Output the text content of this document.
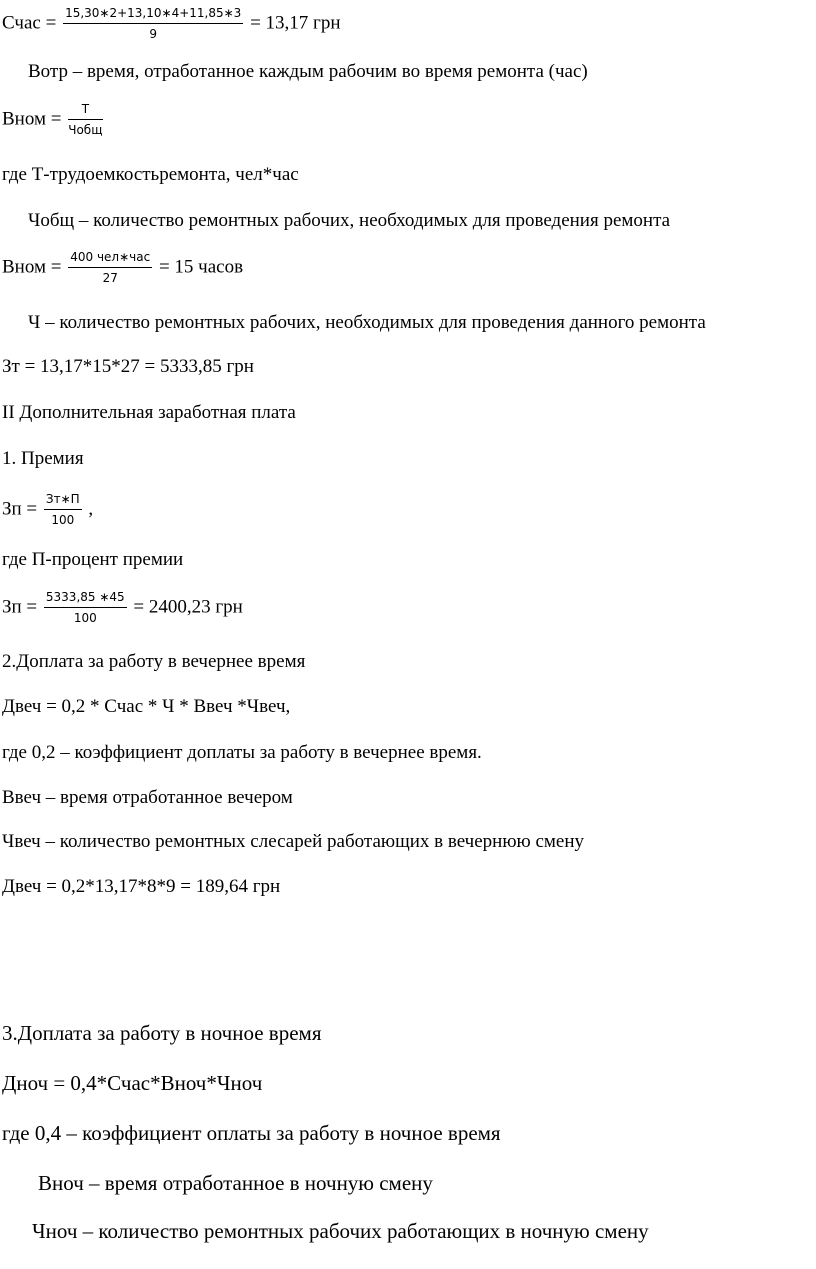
Счас = $\frac{15,30∗2+13,10∗4+11,85∗3}{9} = 13,17$ грн
Вотр – время, отработанное каждым рабочим во время ремонта (час)
Вном = $\frac{Т}{\text{Чобщ}}$
где Т-трудоемкостьремонта, чел*час
Чобщ – количество ремонтных рабочих, необходимых для проведения ремонта
Вном = $\frac{\text{400 чел∗час}}{27} = 15$ часов
Ч – количество ремонтных рабочих, необходимых для проведения данного ремонта
Зт = 13,17*15*27 = 5333,85 грн
II Дополнительная заработная плата
1. Премия
Зп = $\frac{Зт∗П}{100}$ ,
где П-процент премии
Зп = $\frac{5333,85 ∗45}{100} = 2400,23$ грн
2.Доплата за работу в вечернее время
Двеч = 0,2 * Счас * Ч * Ввеч *Чвеч,
где 0,2 – коэффициент доплаты за работу в вечернее время.
Ввеч – время отработанное вечером
Чвеч – количество ремонтных слесарей работающих в вечернюю смену
Двеч = 0,2*13,17*8*9 = 189,64 грн
3.Доплата за работу в ночное время
Дноч = 0,4*Счас*Вноч*Чноч
где 0,4 – коэффициент оплаты за работу в ночное время
Вноч – время отработанное в ночную смену
Чноч – количество ремонтных рабочих работающих в ночную смену
